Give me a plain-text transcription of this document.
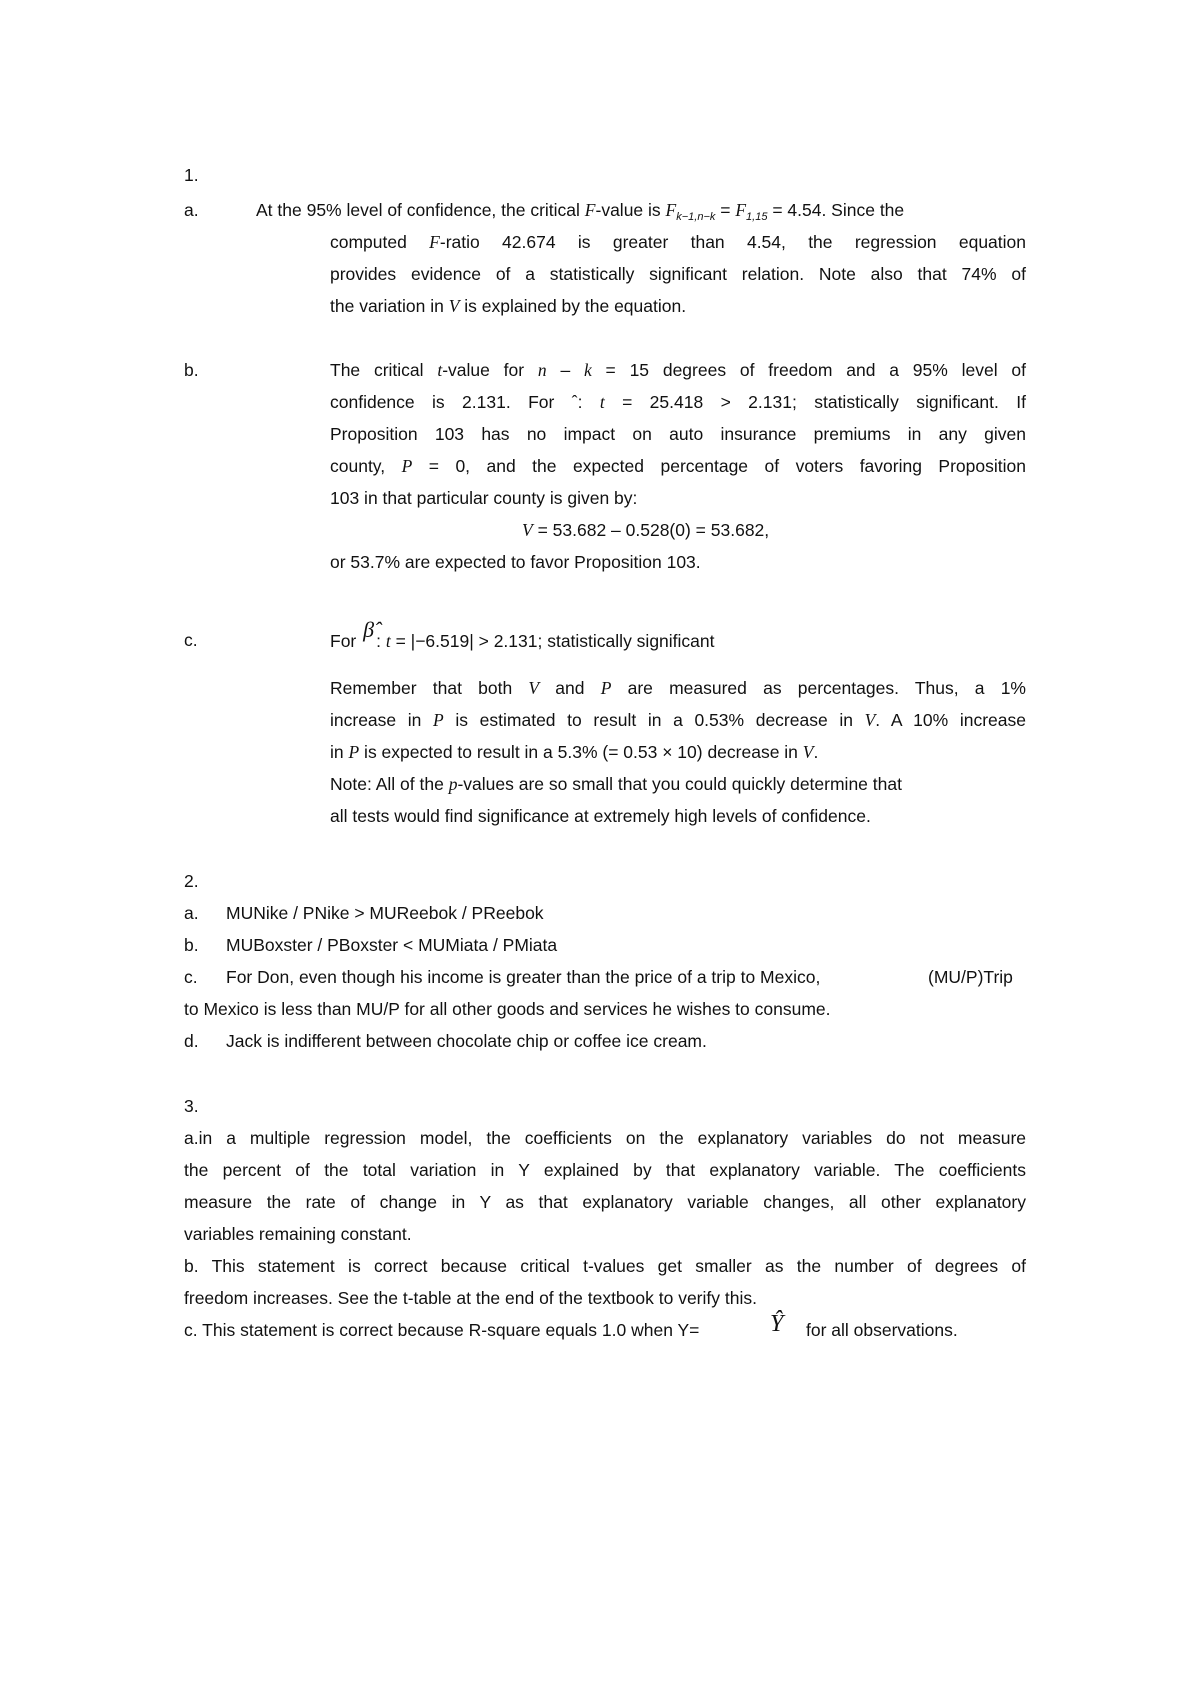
1.
a.	At the 95% level of confidence, the critical F-value is $F_{k-1,n-k} = F_{1,15} = 4.54$. Since the
computed F-ratio 42.674 is greater than 4.54, the regression equation
provides evidence of a statistically significant relation. Note also that 74% of
the variation in V is explained by the equation.
b.	The critical t-value for n – k = 15 degrees of freedom and a 95% level of
confidence is 2.131. For ˆ: t = 25.418 > 2.131; statistically significant. If
Proposition 103 has no impact on auto insurance premiums in any given
county, P = 0, and the expected percentage of voters favoring Proposition
103 in that particular county is given by:
V = 53.682 – 0.528(0) = 53.682,
or 53.7% are expected to favor Proposition 103.
c.	For β̂ : t = |−6.519| > 2.131; statistically significant
Remember that both V and P are measured as percentages. Thus, a 1%
increase in P is estimated to result in a 0.53% decrease in V. A 10% increase
in P is expected to result in a 5.3% (= 0.53 × 10) decrease in V.
Note: All of the p-values are so small that you could quickly determine that
all tests would find significance at extremely high levels of confidence.
2.
a. MUNike / PNike > MUReebok / PReebok
b. MUBoxster / PBoxster < MUMiata / PMiata
c. For Don, even though his income is greater than the price of a trip to Mexico,	(MU/P)Trip
to Mexico is less than MU/P for all other goods and services he wishes to consume.
d. Jack is indifferent between chocolate chip or coffee ice cream.
3.
a.in a multiple regression model, the coefficients on the explanatory variables do not measure
the percent of the total variation in Y explained by that explanatory variable. The coefficients
measure the rate of change in Y as that explanatory variable changes, all other explanatory
variables remaining constant.
b. This statement is correct because critical t-values get smaller as the number of degrees of
freedom increases. See the t-table at the end of the textbook to verify this.
c. This statement is correct because R-square equals 1.0 when Y=	Ŷ for all observations.
